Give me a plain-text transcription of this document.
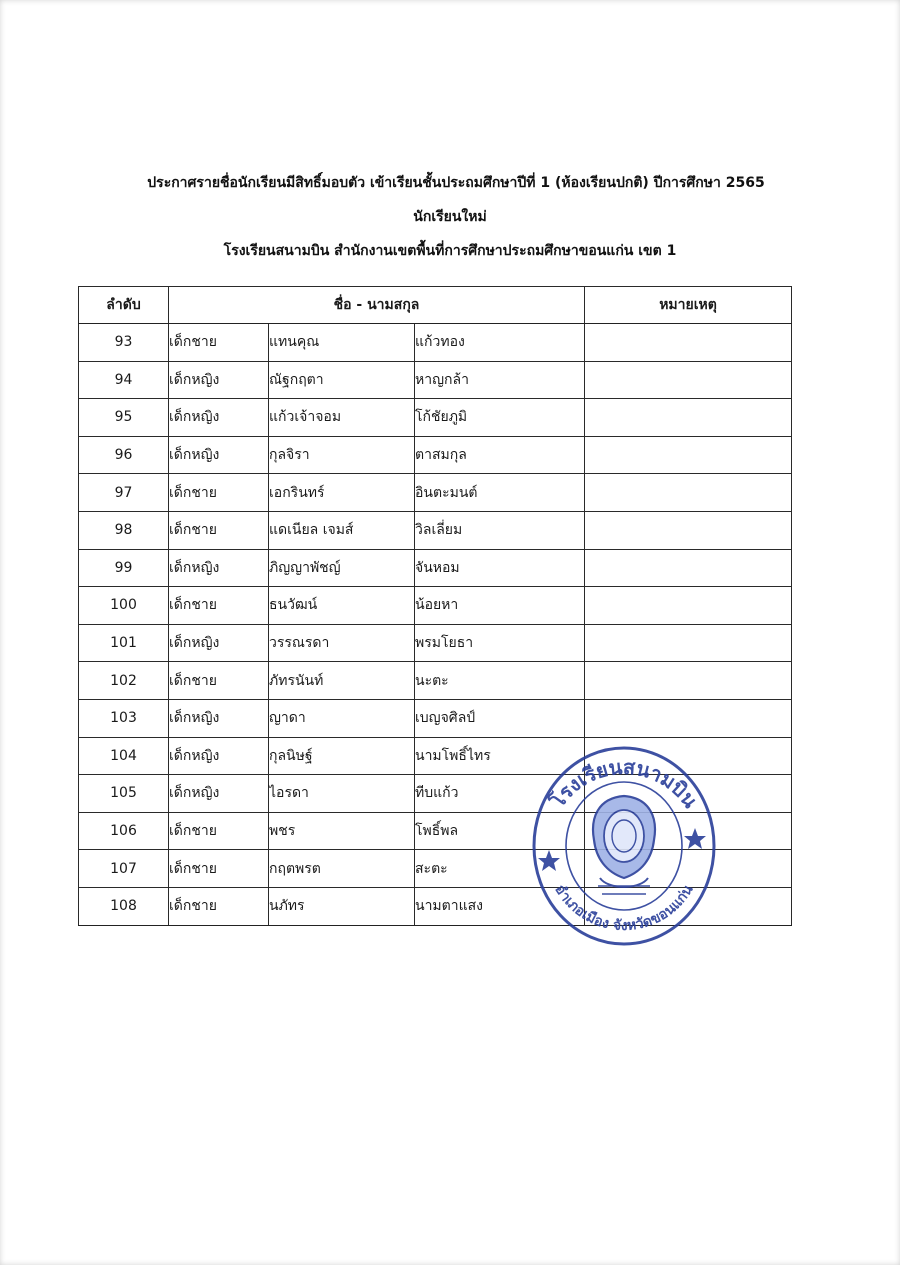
ประกาศรายชื่อนักเรียนมีสิทธิ์มอบตัว เข้าเรียนชั้นประถมศึกษาปีที่ 1 (ห้องเรียนปกติ) ปีการศึกษา 2565
นักเรียนใหม่
โรงเรียนสนามบิน สำนักงานเขตพื้นที่การศึกษาประถมศึกษาขอนแก่น เขต 1
ลำดับ	ชื่อ - นามสกุล			หมายเหตุ
93	เด็กชาย	แทนคุณ	แก้วทอง	
94	เด็กหญิง	ณัฐกฤตา	หาญกล้า	
95	เด็กหญิง	แก้วเจ้าจอม	โก้ชัยภูมิ	
96	เด็กหญิง	กุลจิรา	ตาสมกุล	
97	เด็กชาย	เอกรินทร์	อินตะมนต์	
98	เด็กชาย	แดเนียล เจมส์	วิลเลี่ยม	
99	เด็กหญิง	ภิญญาพัชญ์	จันหอม	
100	เด็กชาย	ธนวัฒน์	น้อยหา	
101	เด็กหญิง	วรรณรดา	พรมโยธา	
102	เด็กชาย	ภัทรนันท์	นะตะ	
103	เด็กหญิง	ญาดา	เบญจศิลป์	
104	เด็กหญิง	กุลนิษฐ์	นามโพธิ์ไทร	
105	เด็กหญิง	ไอรดา	ทีบแก้ว	
106	เด็กชาย	พชร	โพธิ์พล	
107	เด็กชาย	กฤตพรต	สะตะ	
108	เด็กชาย	นภัทร	นามตาแสง	
โรงเรียนสนามบิน
อำเภอเมือง จังหวัดขอนแก่น
